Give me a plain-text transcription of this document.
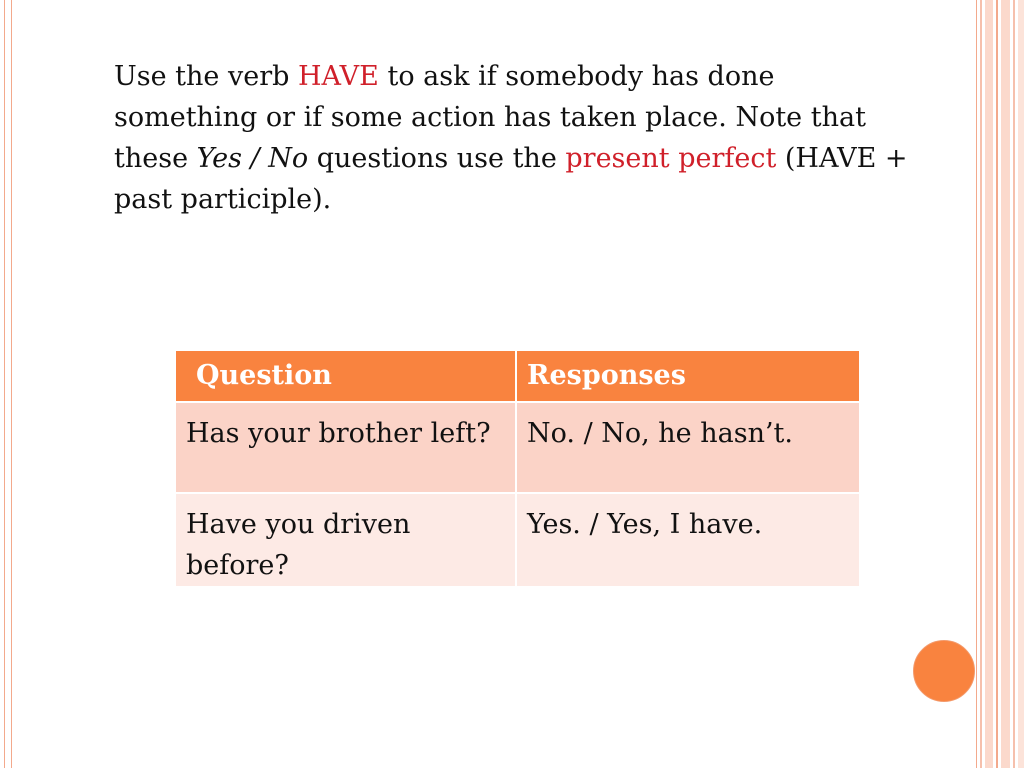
Use the verb HAVE to ask if somebody has done something or if some action has taken place. Note that these Yes / No questions use the present perfect (HAVE + past participle).

Question	Responses
Has your brother left?	No. / No, he hasn’t.
Have you driven before?	Yes. / Yes, I have.
